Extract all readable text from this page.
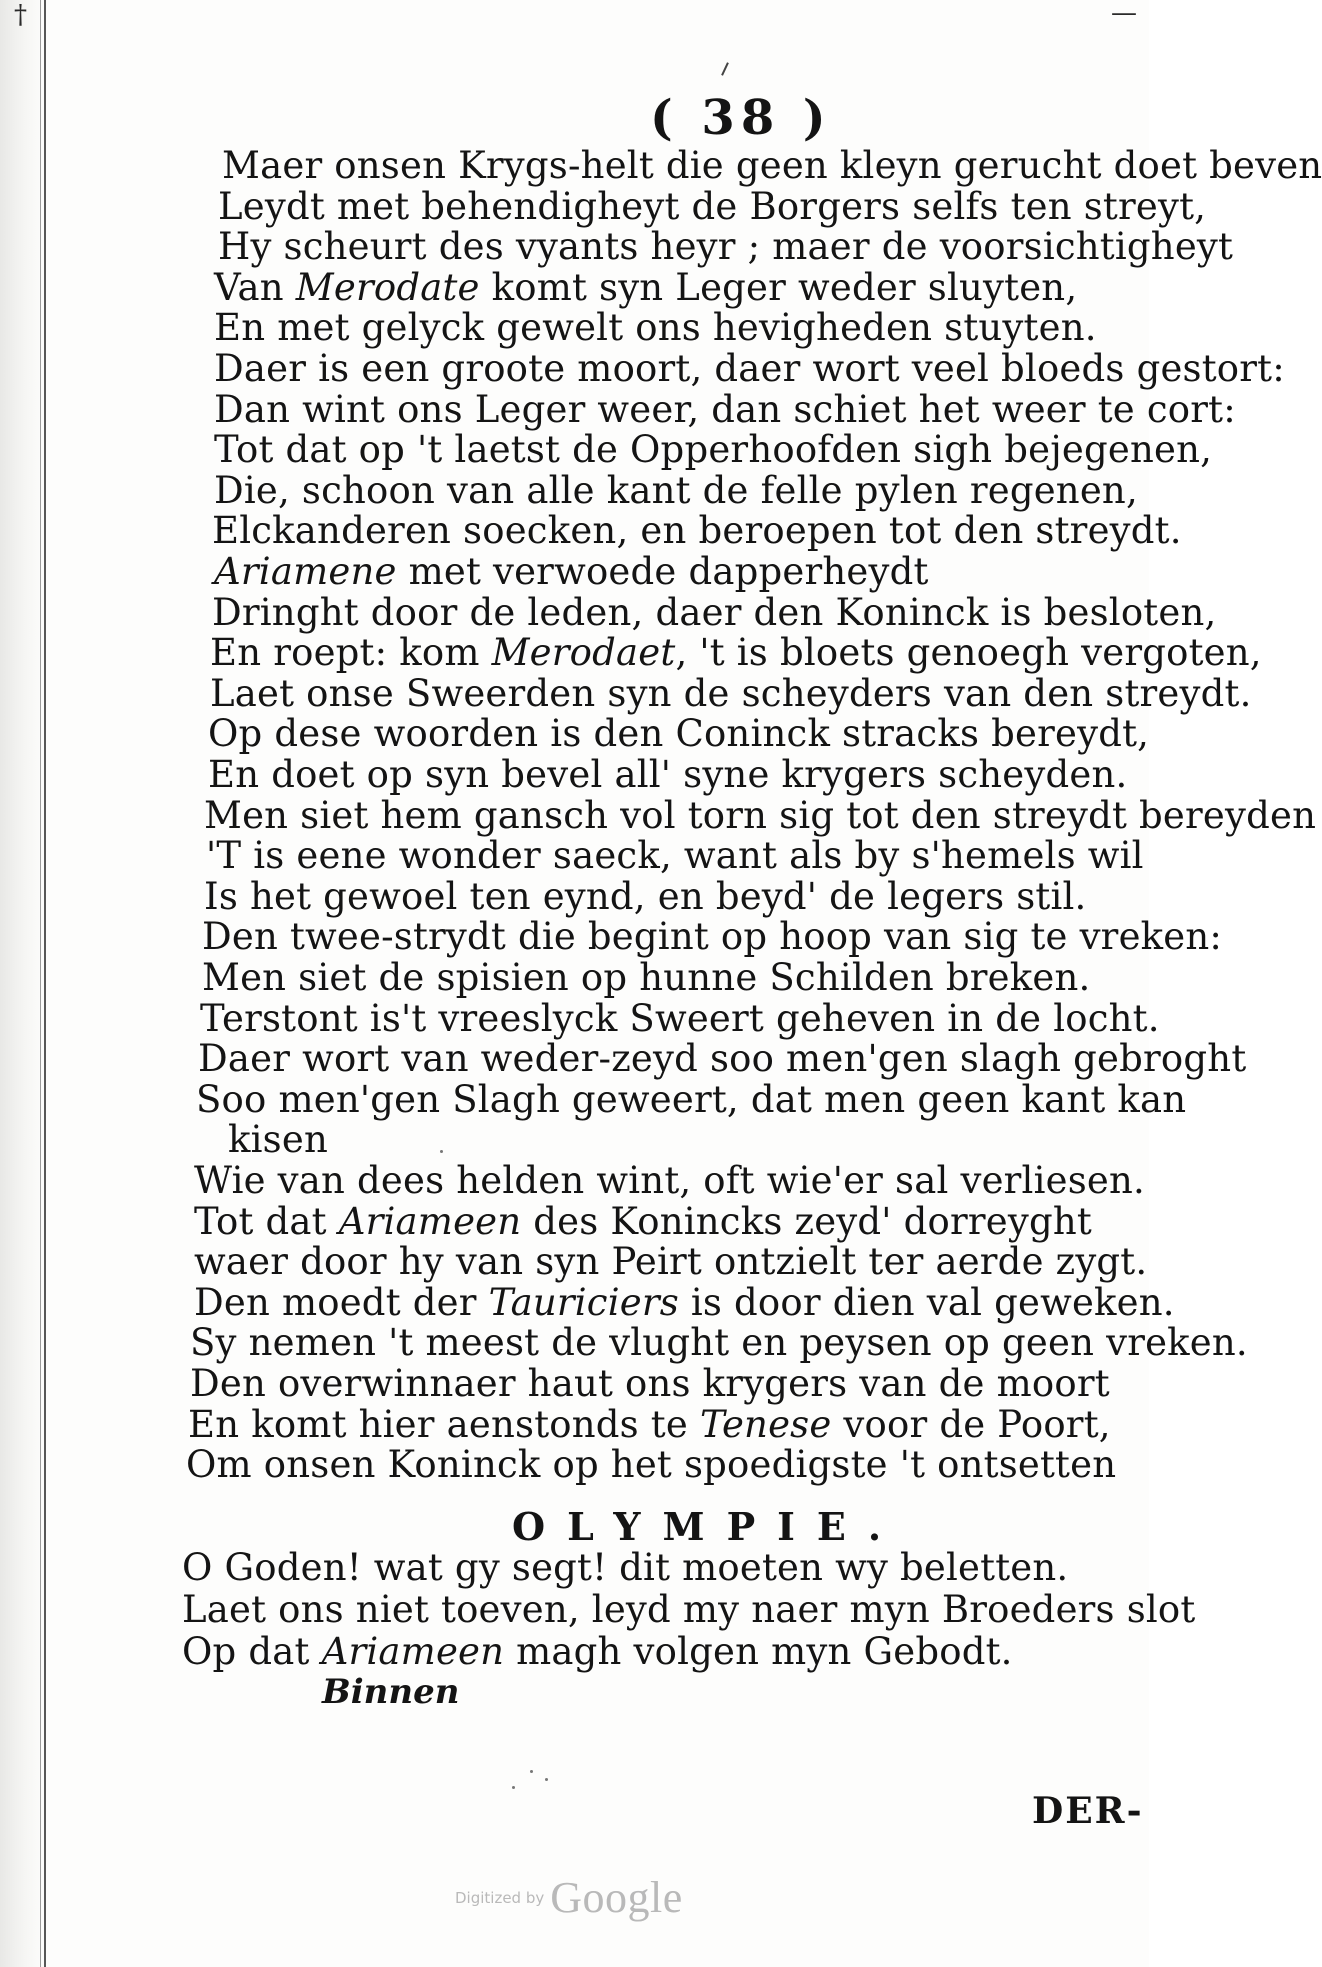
†	—
( 38 )
Maer onsen Krygs-helt die geen kleyn gerucht doet beven
Leydt met behendigheyt de Borgers selfs ten streyt,
Hy scheurt des vyants heyr ; maer de voorsichtigheyt
Van Merodate komt syn Leger weder sluyten,
En met gelyck gewelt ons hevigheden stuyten.
Daer is een groote moort, daer wort veel bloeds gestort:
Dan wint ons Leger weer, dan schiet het weer te cort:
Tot dat op 't laetst de Opperhoofden sigh bejegenen,
Die, schoon van alle kant de felle pylen regenen,
Elckanderen soecken, en beroepen tot den streydt.
Ariamene met verwoede dapperheydt
Dringht door de leden, daer den Koninck is besloten,
En roept: kom Merodaet, 't is bloets genoegh vergoten,
Laet onse Sweerden syn de scheyders van den streydt.
Op dese woorden is den Coninck stracks bereydt,
En doet op syn bevel all' syne krygers scheyden.
Men siet hem gansch vol torn sig tot den streydt bereyden
'T is eene wonder saeck, want als by s'hemels wil
Is het gewoel ten eynd, en beyd' de legers stil.
Den twee-strydt die begint op hoop van sig te vreken:
Men siet de spisien op hunne Schilden breken.
Terstont is't vreeslyck Sweert geheven in de locht.
Daer wort van weder-zeyd soo men'gen slagh gebroght
Soo men'gen Slagh geweert, dat men geen kant kan
kisen
Wie van dees helden wint, oft wie'er sal verliesen.
Tot dat Ariameen des Konincks zeyd' dorreyght
waer door hy van syn Peirt ontzielt ter aerde zygt.
Den moedt der Tauriciers is door dien val geweken.
Sy nemen 't meest de vlught en peysen op geen vreken.
Den overwinnaer haut ons krygers van de moort
En komt hier aenstonds te Tenese voor de Poort,
Om onsen Koninck op het spoedigste 't ontsetten
OLYMPIE.
O Goden! wat gy segt! dit moeten wy beletten.
Laet ons niet toeven, leyd my naer myn Broeders slot
Op dat Ariameen magh volgen myn Gebodt.
Binnen
DER-
Digitized by Google
